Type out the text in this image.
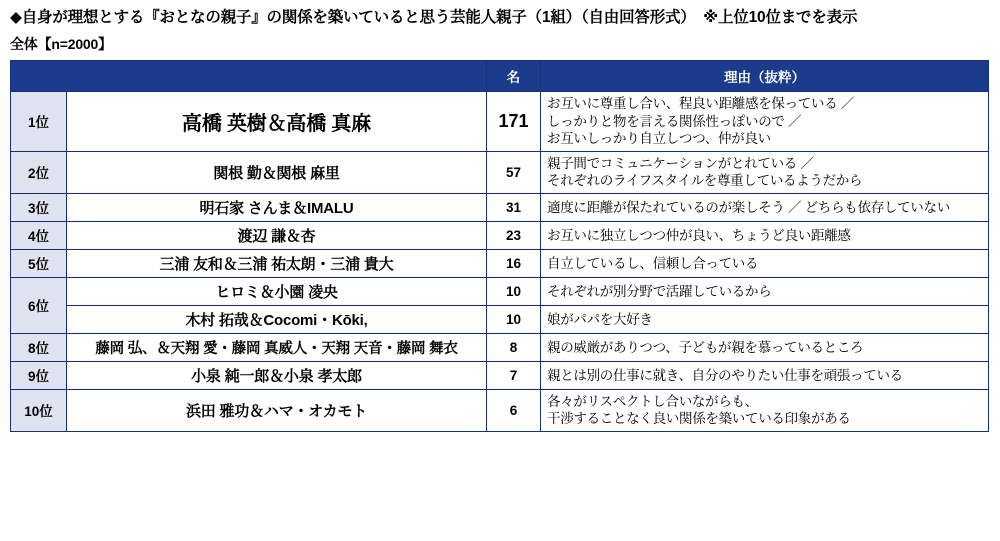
◆自身が理想とする『おとなの親子』の関係を築いていると思う芸能人親子（1組）（自由回答形式）　※上位10位までを表示
全体【n=2000】
		名	理由（抜粋）
1位	高橋 英樹＆高橋 真麻	171	お互いに尊重し合い、程良い距離感を保っている ／
しっかりと物を言える関係性っぽいので ／
お互いしっかり自立しつつ、仲が良い

2位	関根 勤＆関根 麻里	57	親子間でコミュニケーションがとれている ／
それぞれのライフスタイルを尊重しているようだから

3位	明石家 さんま＆IMALU	31	適度に距離が保たれているのが楽しそう ／ どちらも依存していない

4位	渡辺 謙＆杏	23	お互いに独立しつつ仲が良い、ちょうど良い距離感

5位	三浦 友和＆三浦 祐太朗・三浦 貴大	16	自立しているし、信頼し合っている

6位	ヒロミ＆小園 凌央	10	それぞれが別分野で活躍しているから

	木村 拓哉＆Cocomi・Kōki,	10	娘がパパを大好き

8位	藤岡 弘、＆天翔 愛・藤岡 真威人・天翔 天音・藤岡 舞衣	8	親の威厳がありつつ、子どもが親を慕っているところ

9位	小泉 純一郎＆小泉 孝太郎	7	親とは別の仕事に就き、自分のやりたい仕事を頑張っている

10位	浜田 雅功＆ハマ・オカモト	6	各々がリスペクトし合いながらも、
干渉することなく良い関係を築いている印象がある
